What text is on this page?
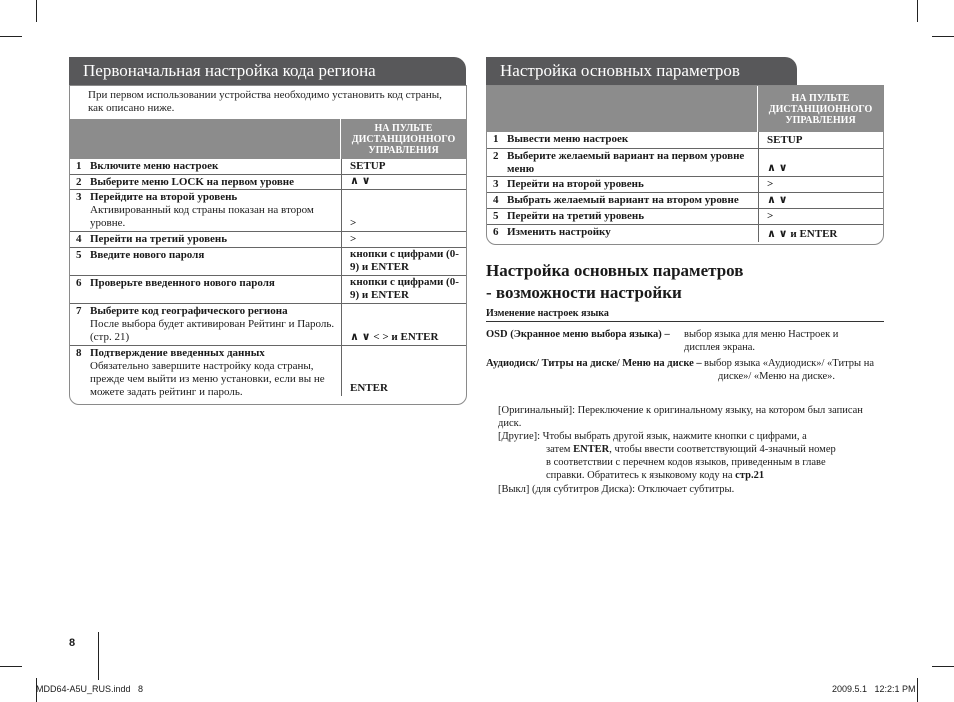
Первоначальная настройка кода региона
При первом использовании устройства необходимо установить код страны, как описано ниже.
НА ПУЛЬТЕ ДИСТАНЦИОННОГО УПРАВЛЕНИЯ
1 Включите меню настроек	SETUP
2 Выберите меню LOCK на первом уровне	∧ ∨
3 Перейдите на второй уровень
Активированный код страны показан на втором уровне.	>
4 Перейти на третий уровень	>
5 Введите нового пароля	кнопки с цифрами (0-9) и ENTER
6 Проверьте введенного нового пароля	кнопки с цифрами (0-9) и ENTER
7 Выберите код географического региона
После выбора будет активирован Рейтинг и Пароль.(стр. 21)	∧ ∨ < > и ENTER
8 Подтверждение введенных данных
Обязательно завершите настройку кода страны, прежде чем выйти из меню установки, если вы не можете задать рейтинг и пароль.	ENTER
Настройка основных параметров
НА ПУЛЬТЕ ДИСТАНЦИОННОГО УПРАВЛЕНИЯ
1 Вывести меню настроек	SETUP
2 Выберите желаемый вариант на первом уровне меню	∧ ∨
3 Перейти на второй уровень	>
4 Выбрать желаемый вариант на втором уровне	∧ ∨
5 Перейти на третий уровень	>
6 Изменить настройку	∧ ∨ и ENTER
Настройка основных параметров
- возможности настройки
Изменение настроек языка
OSD (Экранное меню выбора языка) –	выбор языка для меню Настроек и дисплея экрана.
Аудиодиск/ Титры на диске/ Меню на диске – выбор языка «Аудиодиск»/ «Титры на диске»/ «Меню на диске».
[Оригинальный]: Переключение к оригинальному языку, на котором был записан диск.
[Другие]: Чтобы выбрать другой язык, нажмите кнопки с цифрами, а
затем ENTER, чтобы ввести соответствующий 4-значный номер
в соответствии с перечнем кодов языков, приведенным в главе
справки. Обратитесь к языковому коду на стр.21
[Выкл] (для субтитров Диска): Отключает субтитры.
8
MDD64-A5U_RUS.indd   8	2009.5.1   12:2:1 PM
